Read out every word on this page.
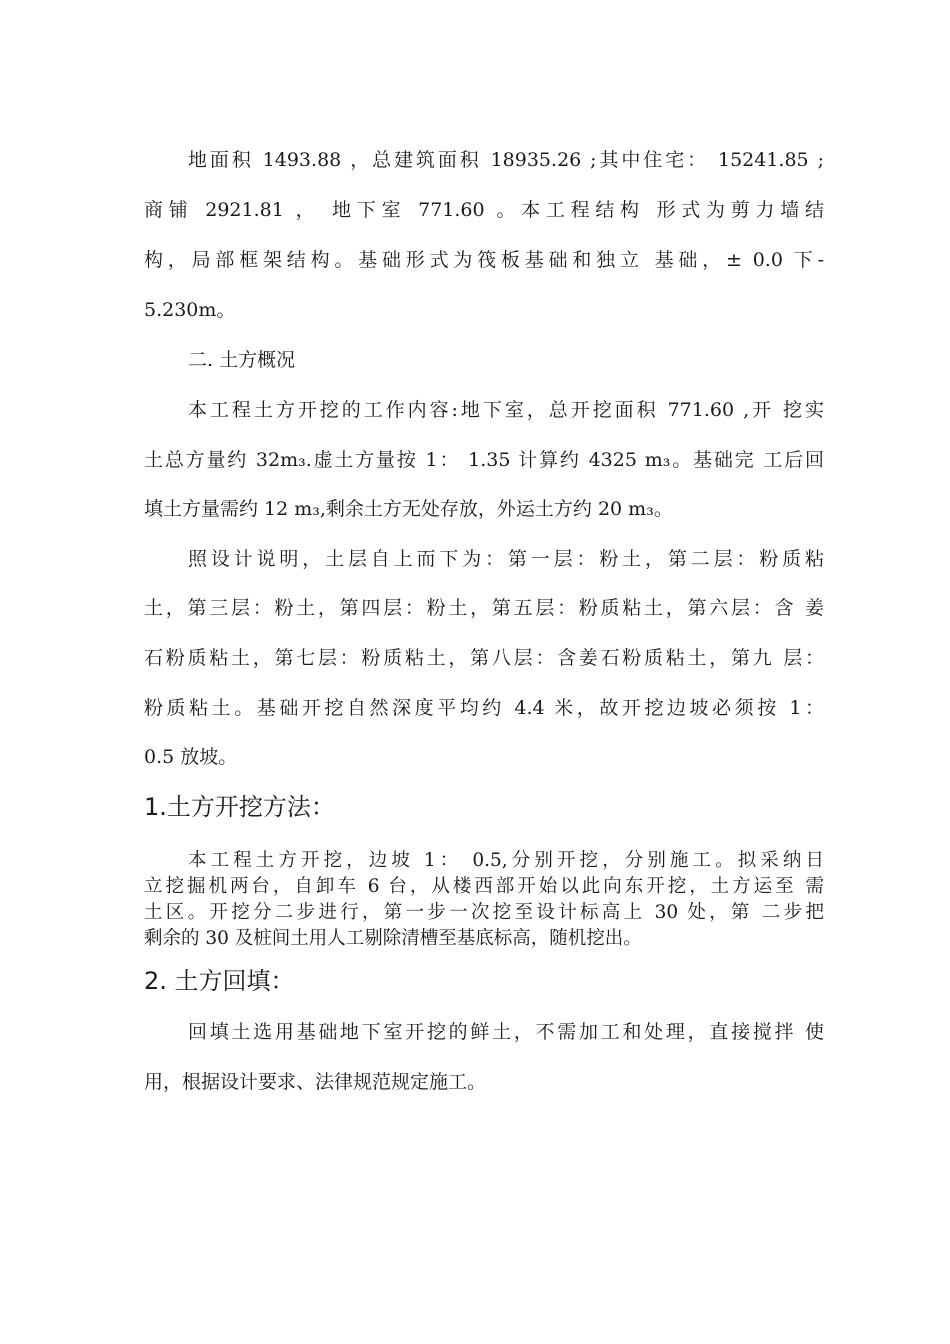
地面积 1493.88 ，总建筑面积 18935.26 ;其中住宅： 15241.85 ;
商铺 2921.81 ， 地下室 771.60 。本工程结构 形式为剪力墙结
构，局部框架结构。基础形式为筏板基础和独立 基础，± 0.0 下-
5.230m。
二. 土方概况
本工程土方开挖的工作内容:地下室，总开挖面积 771.60 ,开 挖实
土总方量约 32m₃.虚土方量按 1： 1.35 计算约 4325 m₃。基础完 工后回
填土方量需约 12 m₃,剩余土方无处存放，外运土方约 20 m₃。
照设计说明，土层自上而下为：第一层：粉土，第二层：粉质粘
土，第三层：粉土，第四层：粉土，第五层：粉质粘土，第六层：含 姜
石粉质粘土，第七层：粉质粘土，第八层：含姜石粉质粘土，第九 层：
粉质粘土。基础开挖自然深度平均约 4.4 米，故开挖边坡必须按 1：
0.5 放坡。
1.土方开挖方法：
本工程土方开挖，边坡 1： 0.5,分别开挖，分别施工。拟采纳日
立挖掘机两台，自卸车 6 台，从楼西部开始以此向东开挖，土方运至 需
土区。开挖分二步进行，第一步一次挖至设计标高上 30 处，第 二步把
剩余的 30 及桩间土用人工剔除清槽至基底标高，随机挖出。
2. 土方回填：
回填土选用基础地下室开挖的鲜土，不需加工和处理，直接搅拌 使
用，根据设计要求、法律规范规定施工。
